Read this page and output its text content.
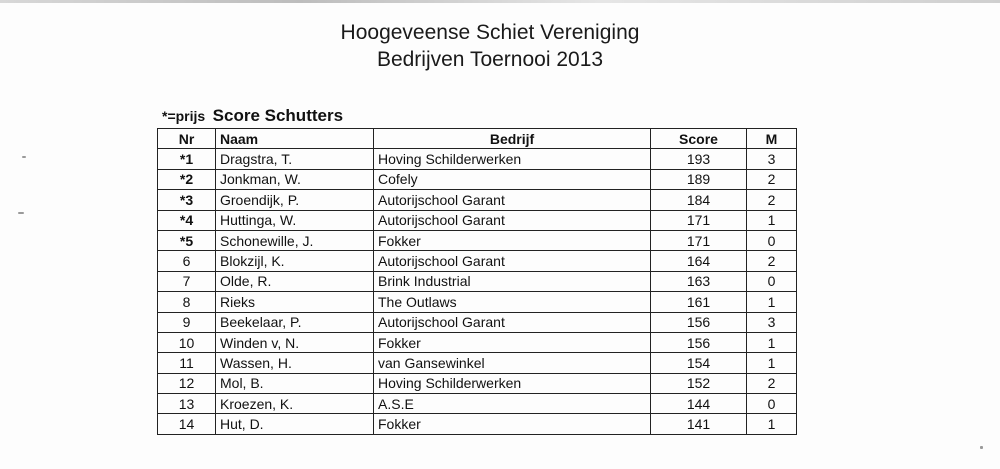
Hoogeveense Schiet Vereniging
Bedrijven Toernooi 2013
*=prijs Score Schutters
Nr	Naam	Bedrijf	Score	M
*1	Dragstra, T.	Hoving Schilderwerken	193	3
*2	Jonkman, W.	Cofely	189	2
*3	Groendijk, P.	Autorijschool Garant	184	2
*4	Huttinga, W.	Autorijschool Garant	171	1
*5	Schonewille, J.	Fokker	171	0
6	Blokzijl, K.	Autorijschool Garant	164	2
7	Olde, R.	Brink Industrial	163	0
8	Rieks	The Outlaws	161	1
9	Beekelaar, P.	Autorijschool Garant	156	3
10	Winden v, N.	Fokker	156	1
11	Wassen, H.	van Gansewinkel	154	1
12	Mol, B.	Hoving Schilderwerken	152	2
13	Kroezen, K.	A.S.E	144	0
14	Hut, D.	Fokker	141	1
